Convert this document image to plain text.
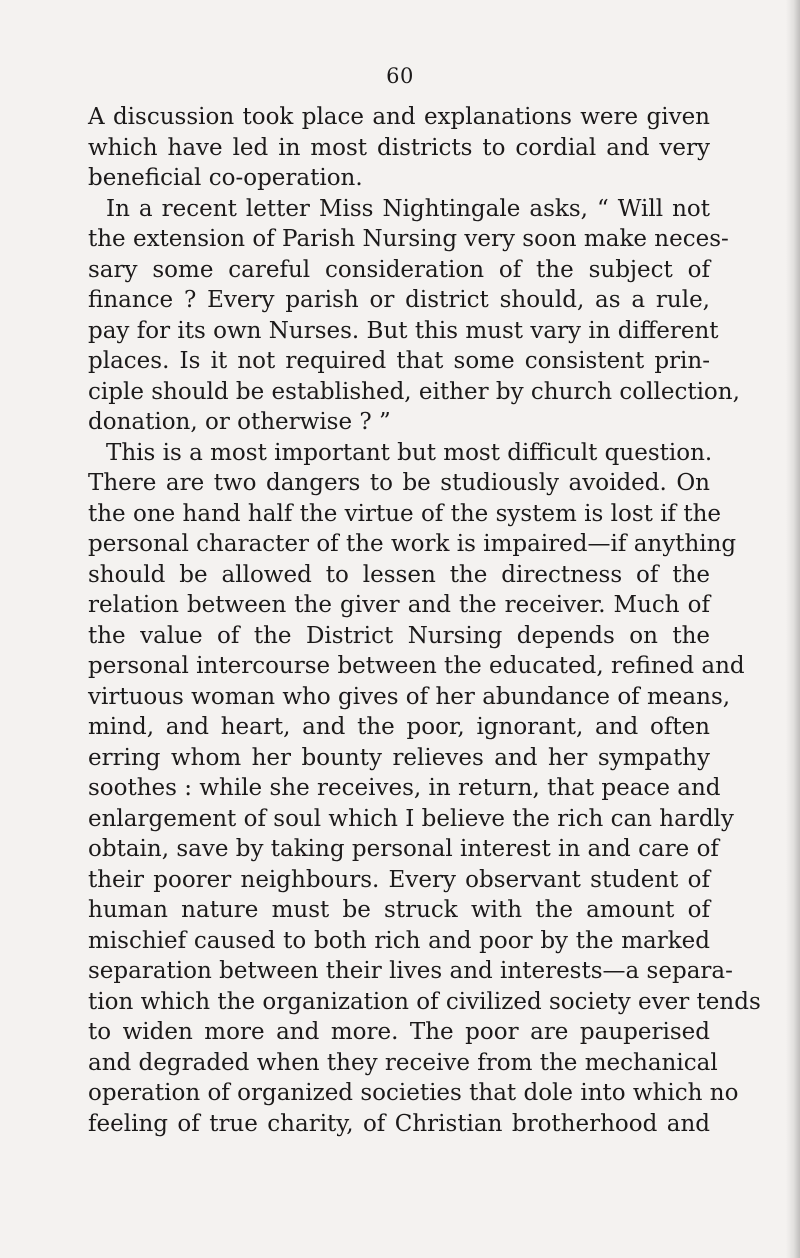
60
A discussion took place and explanations were given
which have led in most districts to cordial and very
beneficial co-operation.
In a recent letter Miss Nightingale asks, “ Will not
the extension of Parish Nursing very soon make neces-
sary some careful consideration of the subject of
finance ? Every parish or district should, as a rule,
pay for its own Nurses. But this must vary in different
places. Is it not required that some consistent prin-
ciple should be established, either by church collection,
donation, or otherwise ? ”
This is a most important but most difficult question.
There are two dangers to be studiously avoided. On
the one hand half the virtue of the system is lost if the
personal character of the work is impaired—if anything
should be allowed to lessen the directness of the
relation between the giver and the receiver. Much of
the value of the District Nursing depends on the
personal intercourse between the educated, refined and
virtuous woman who gives of her abundance of means,
mind, and heart, and the poor, ignorant, and often
erring whom her bounty relieves and her sympathy
soothes : while she receives, in return, that peace and
enlargement of soul which I believe the rich can hardly
obtain, save by taking personal interest in and care of
their poorer neighbours. Every observant student of
human nature must be struck with the amount of
mischief caused to both rich and poor by the marked
separation between their lives and interests—a separa-
tion which the organization of civilized society ever tends
to widen more and more. The poor are pauperised
and degraded when they receive from the mechanical
operation of organized societies that dole into which no
feeling of true charity, of Christian brotherhood and
